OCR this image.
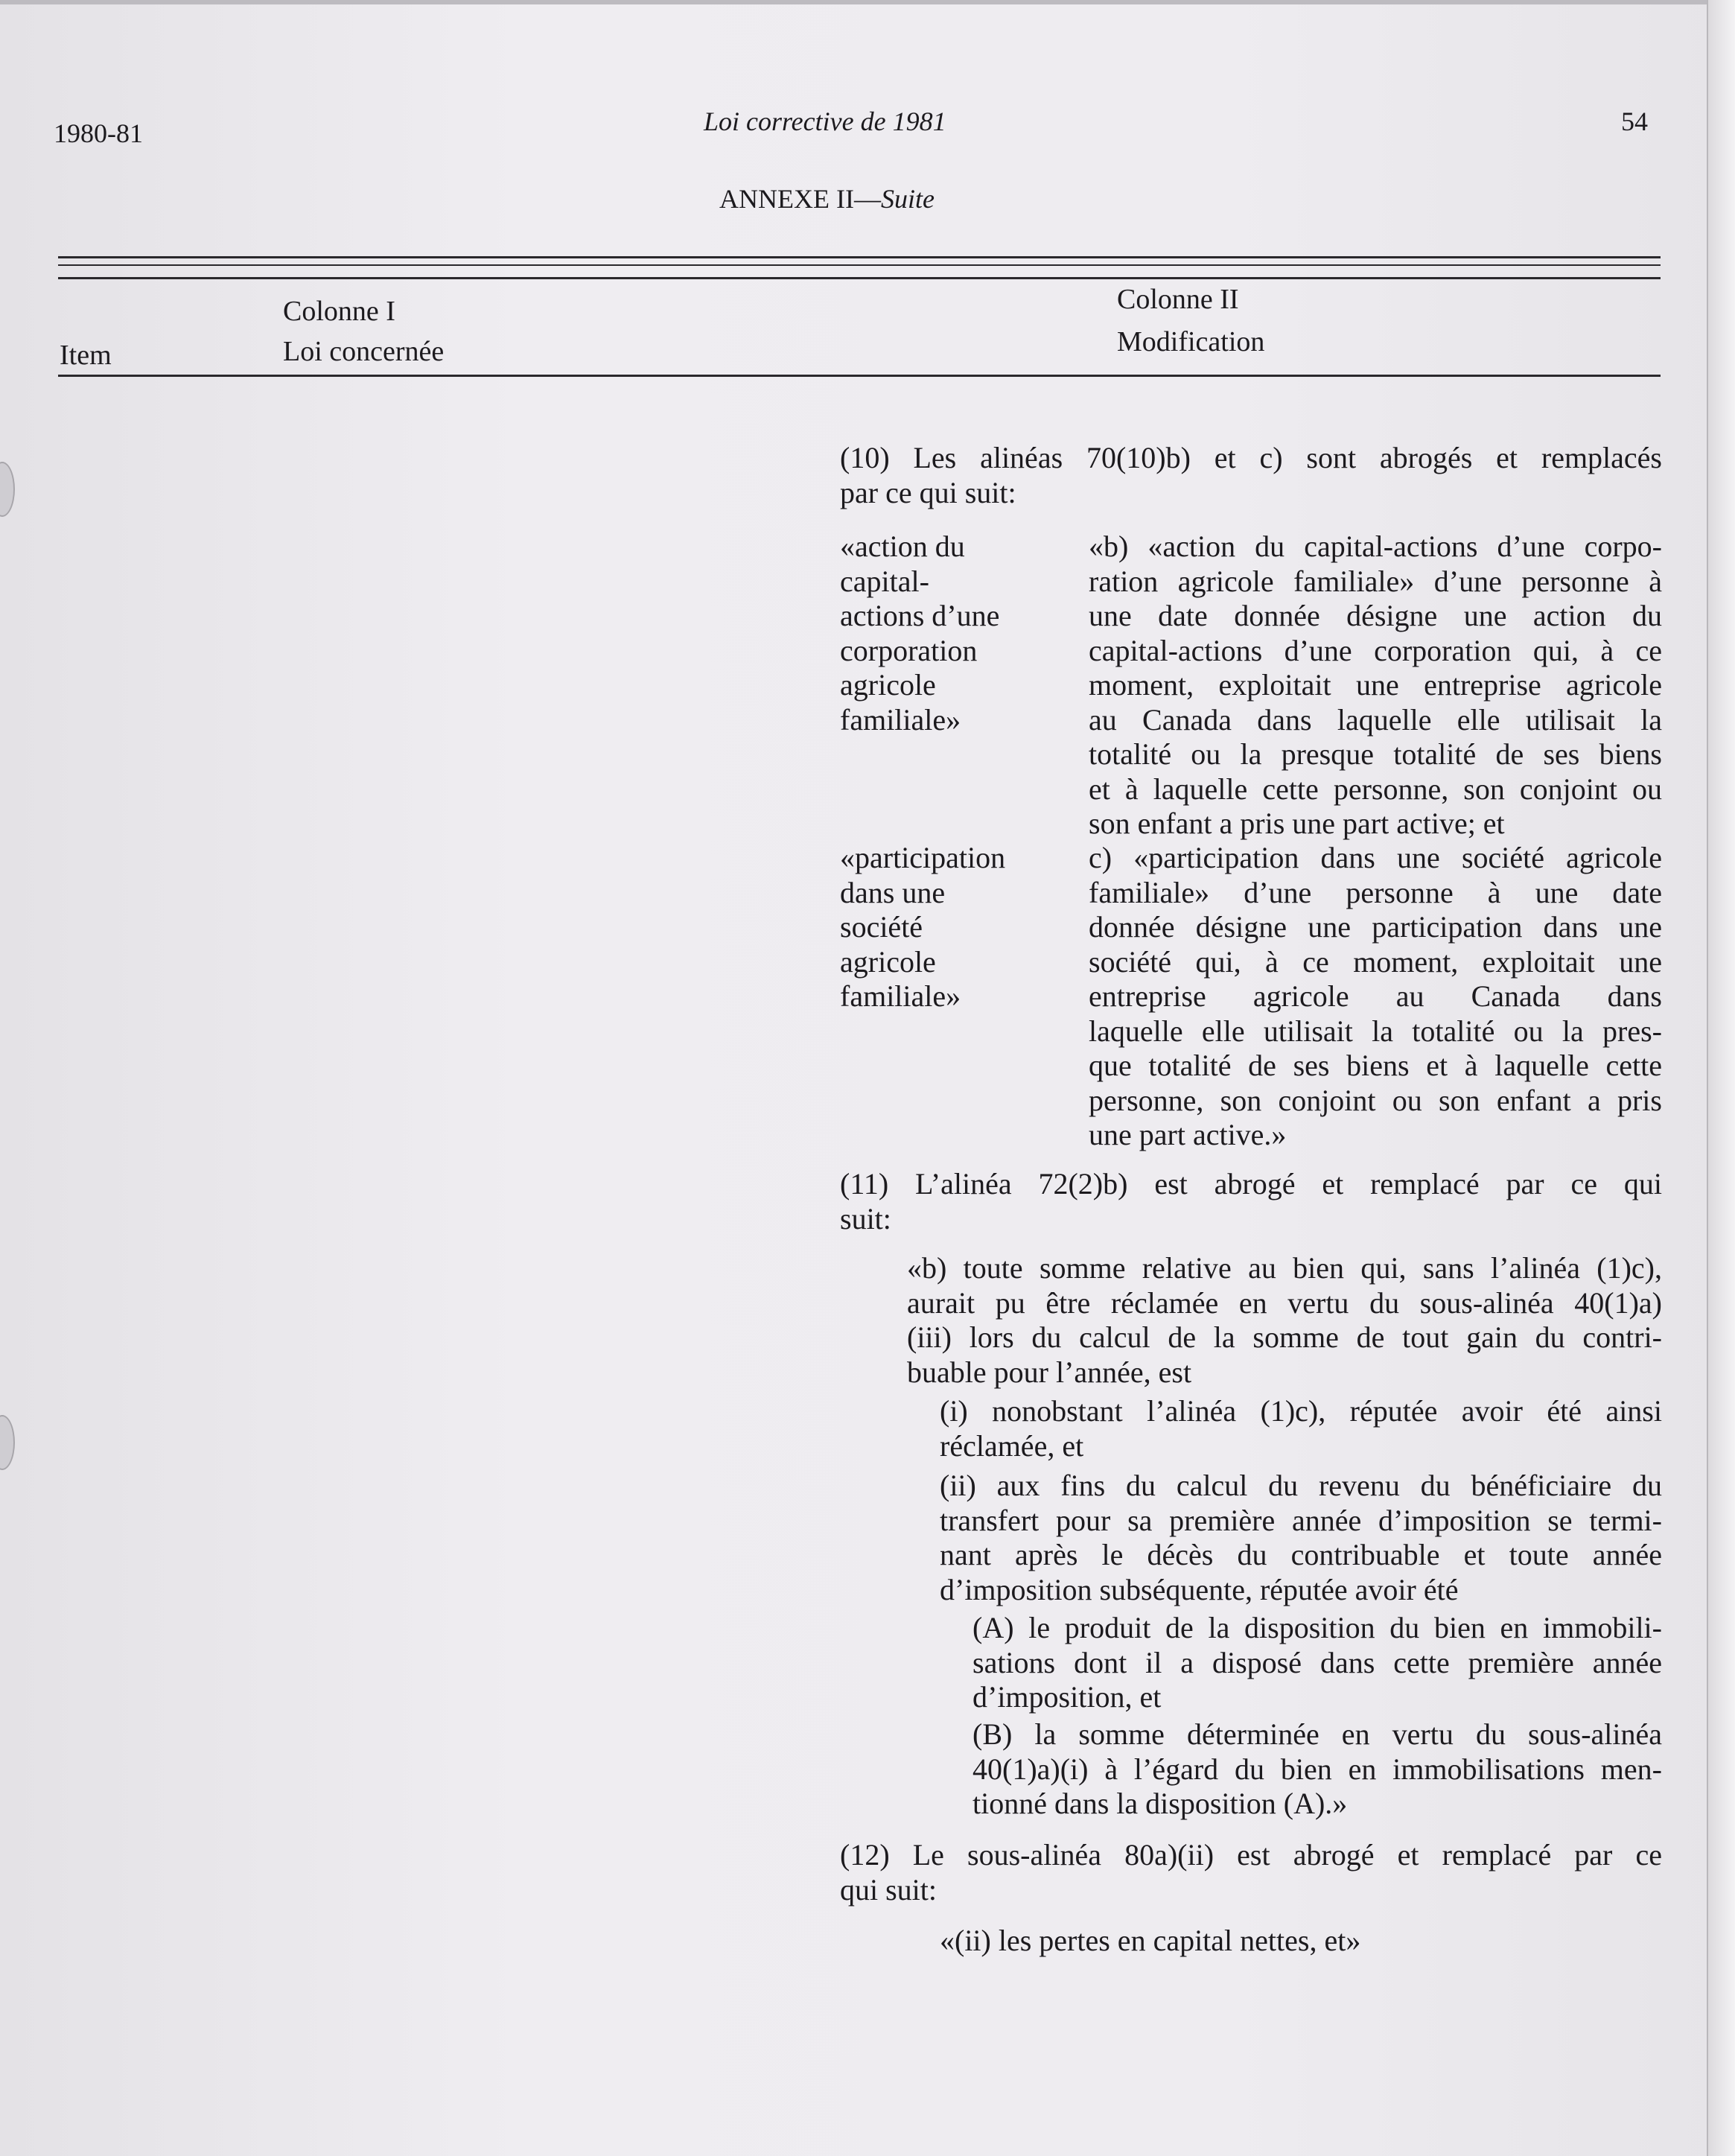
1980-81	Loi corrective de 1981	54
ANNEXE II—Suite
Item
Colonne I
Loi concernée
Colonne II
Modification
(10) Les alinéas 70(10)b) et c) sont abrogés et remplacés
par ce qui suit:
«action du
capital-
actions d’une
corporation
agricole
familiale»
«b) «action du capital-actions d’une corpo-
ration agricole familiale» d’une personne à
une date donnée désigne une action du
capital-actions d’une corporation qui, à ce
moment, exploitait une entreprise agricole
au Canada dans laquelle elle utilisait la
totalité ou la presque totalité de ses biens
et à laquelle cette personne, son conjoint ou
son enfant a pris une part active; et
«participation
dans une
société
agricole
familiale»
c) «participation dans une société agricole
familiale» d’une personne à une date
donnée désigne une participation dans une
société qui, à ce moment, exploitait une
entreprise agricole au Canada dans
laquelle elle utilisait la totalité ou la pres-
que totalité de ses biens et à laquelle cette
personne, son conjoint ou son enfant a pris
une part active.»
(11) L’alinéa 72(2)b) est abrogé et remplacé par ce qui
suit:
«b) toute somme relative au bien qui, sans l’alinéa (1)c),
aurait pu être réclamée en vertu du sous-alinéa 40(1)a)
(iii) lors du calcul de la somme de tout gain du contri-
buable pour l’année, est
(i) nonobstant l’alinéa (1)c), réputée avoir été ainsi
réclamée, et
(ii) aux fins du calcul du revenu du bénéficiaire du
transfert pour sa première année d’imposition se termi-
nant après le décès du contribuable et toute année
d’imposition subséquente, réputée avoir été
(A) le produit de la disposition du bien en immobili-
sations dont il a disposé dans cette première année
d’imposition, et
(B) la somme déterminée en vertu du sous-alinéa
40(1)a)(i) à l’égard du bien en immobilisations men-
tionné dans la disposition (A).»
(12) Le sous-alinéa 80a)(ii) est abrogé et remplacé par ce
qui suit:
«(ii) les pertes en capital nettes, et»
